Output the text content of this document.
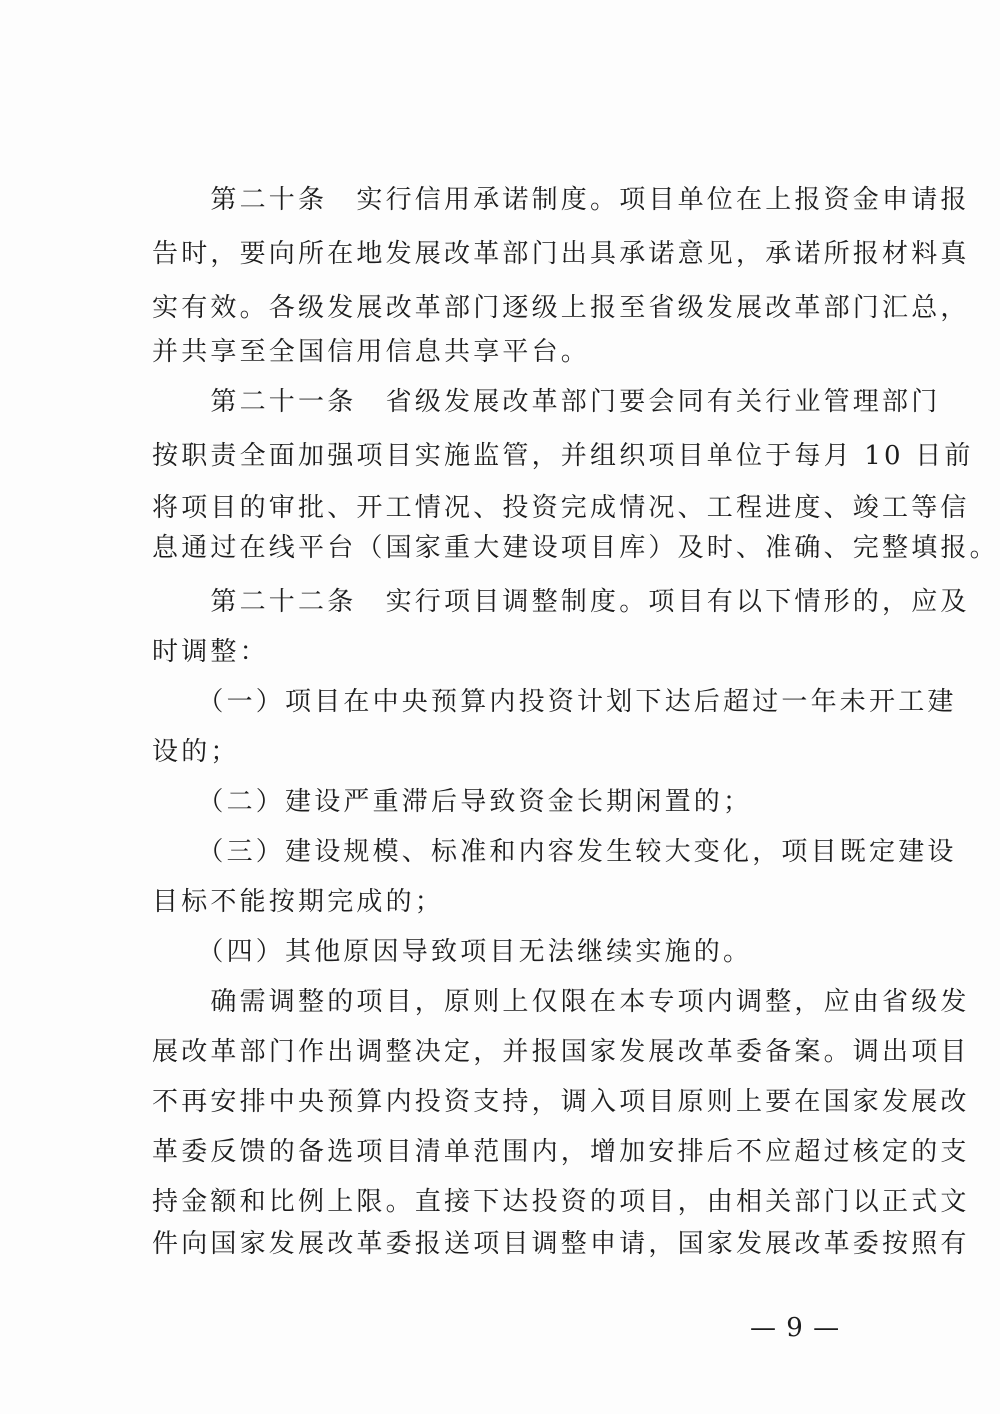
　　第二十条　实行信用承诺制度。项目单位在上报资金申请报
告时，要向所在地发展改革部门出具承诺意见，承诺所报材料真
实有效。各级发展改革部门逐级上报至省级发展改革部门汇总，
并共享至全国信用信息共享平台。
　　第二十一条　省级发展改革部门要会同有关行业管理部门
按职责全面加强项目实施监管，并组织项目单位于每月 10 日前
将项目的审批、开工情况、投资完成情况、工程进度、竣工等信
息通过在线平台（国家重大建设项目库）及时、准确、完整填报。
　　第二十二条　实行项目调整制度。项目有以下情形的，应及
时调整：
　　（一）项目在中央预算内投资计划下达后超过一年未开工建
设的；
　　（二）建设严重滞后导致资金长期闲置的；
　　（三）建设规模、标准和内容发生较大变化，项目既定建设
目标不能按期完成的；
　　（四）其他原因导致项目无法继续实施的。
　　确需调整的项目，原则上仅限在本专项内调整，应由省级发
展改革部门作出调整决定，并报国家发展改革委备案。调出项目
不再安排中央预算内投资支持，调入项目原则上要在国家发展改
革委反馈的备选项目清单范围内，增加安排后不应超过核定的支
持金额和比例上限。直接下达投资的项目，由相关部门以正式文
件向国家发展改革委报送项目调整申请，国家发展改革委按照有
— 9 —
